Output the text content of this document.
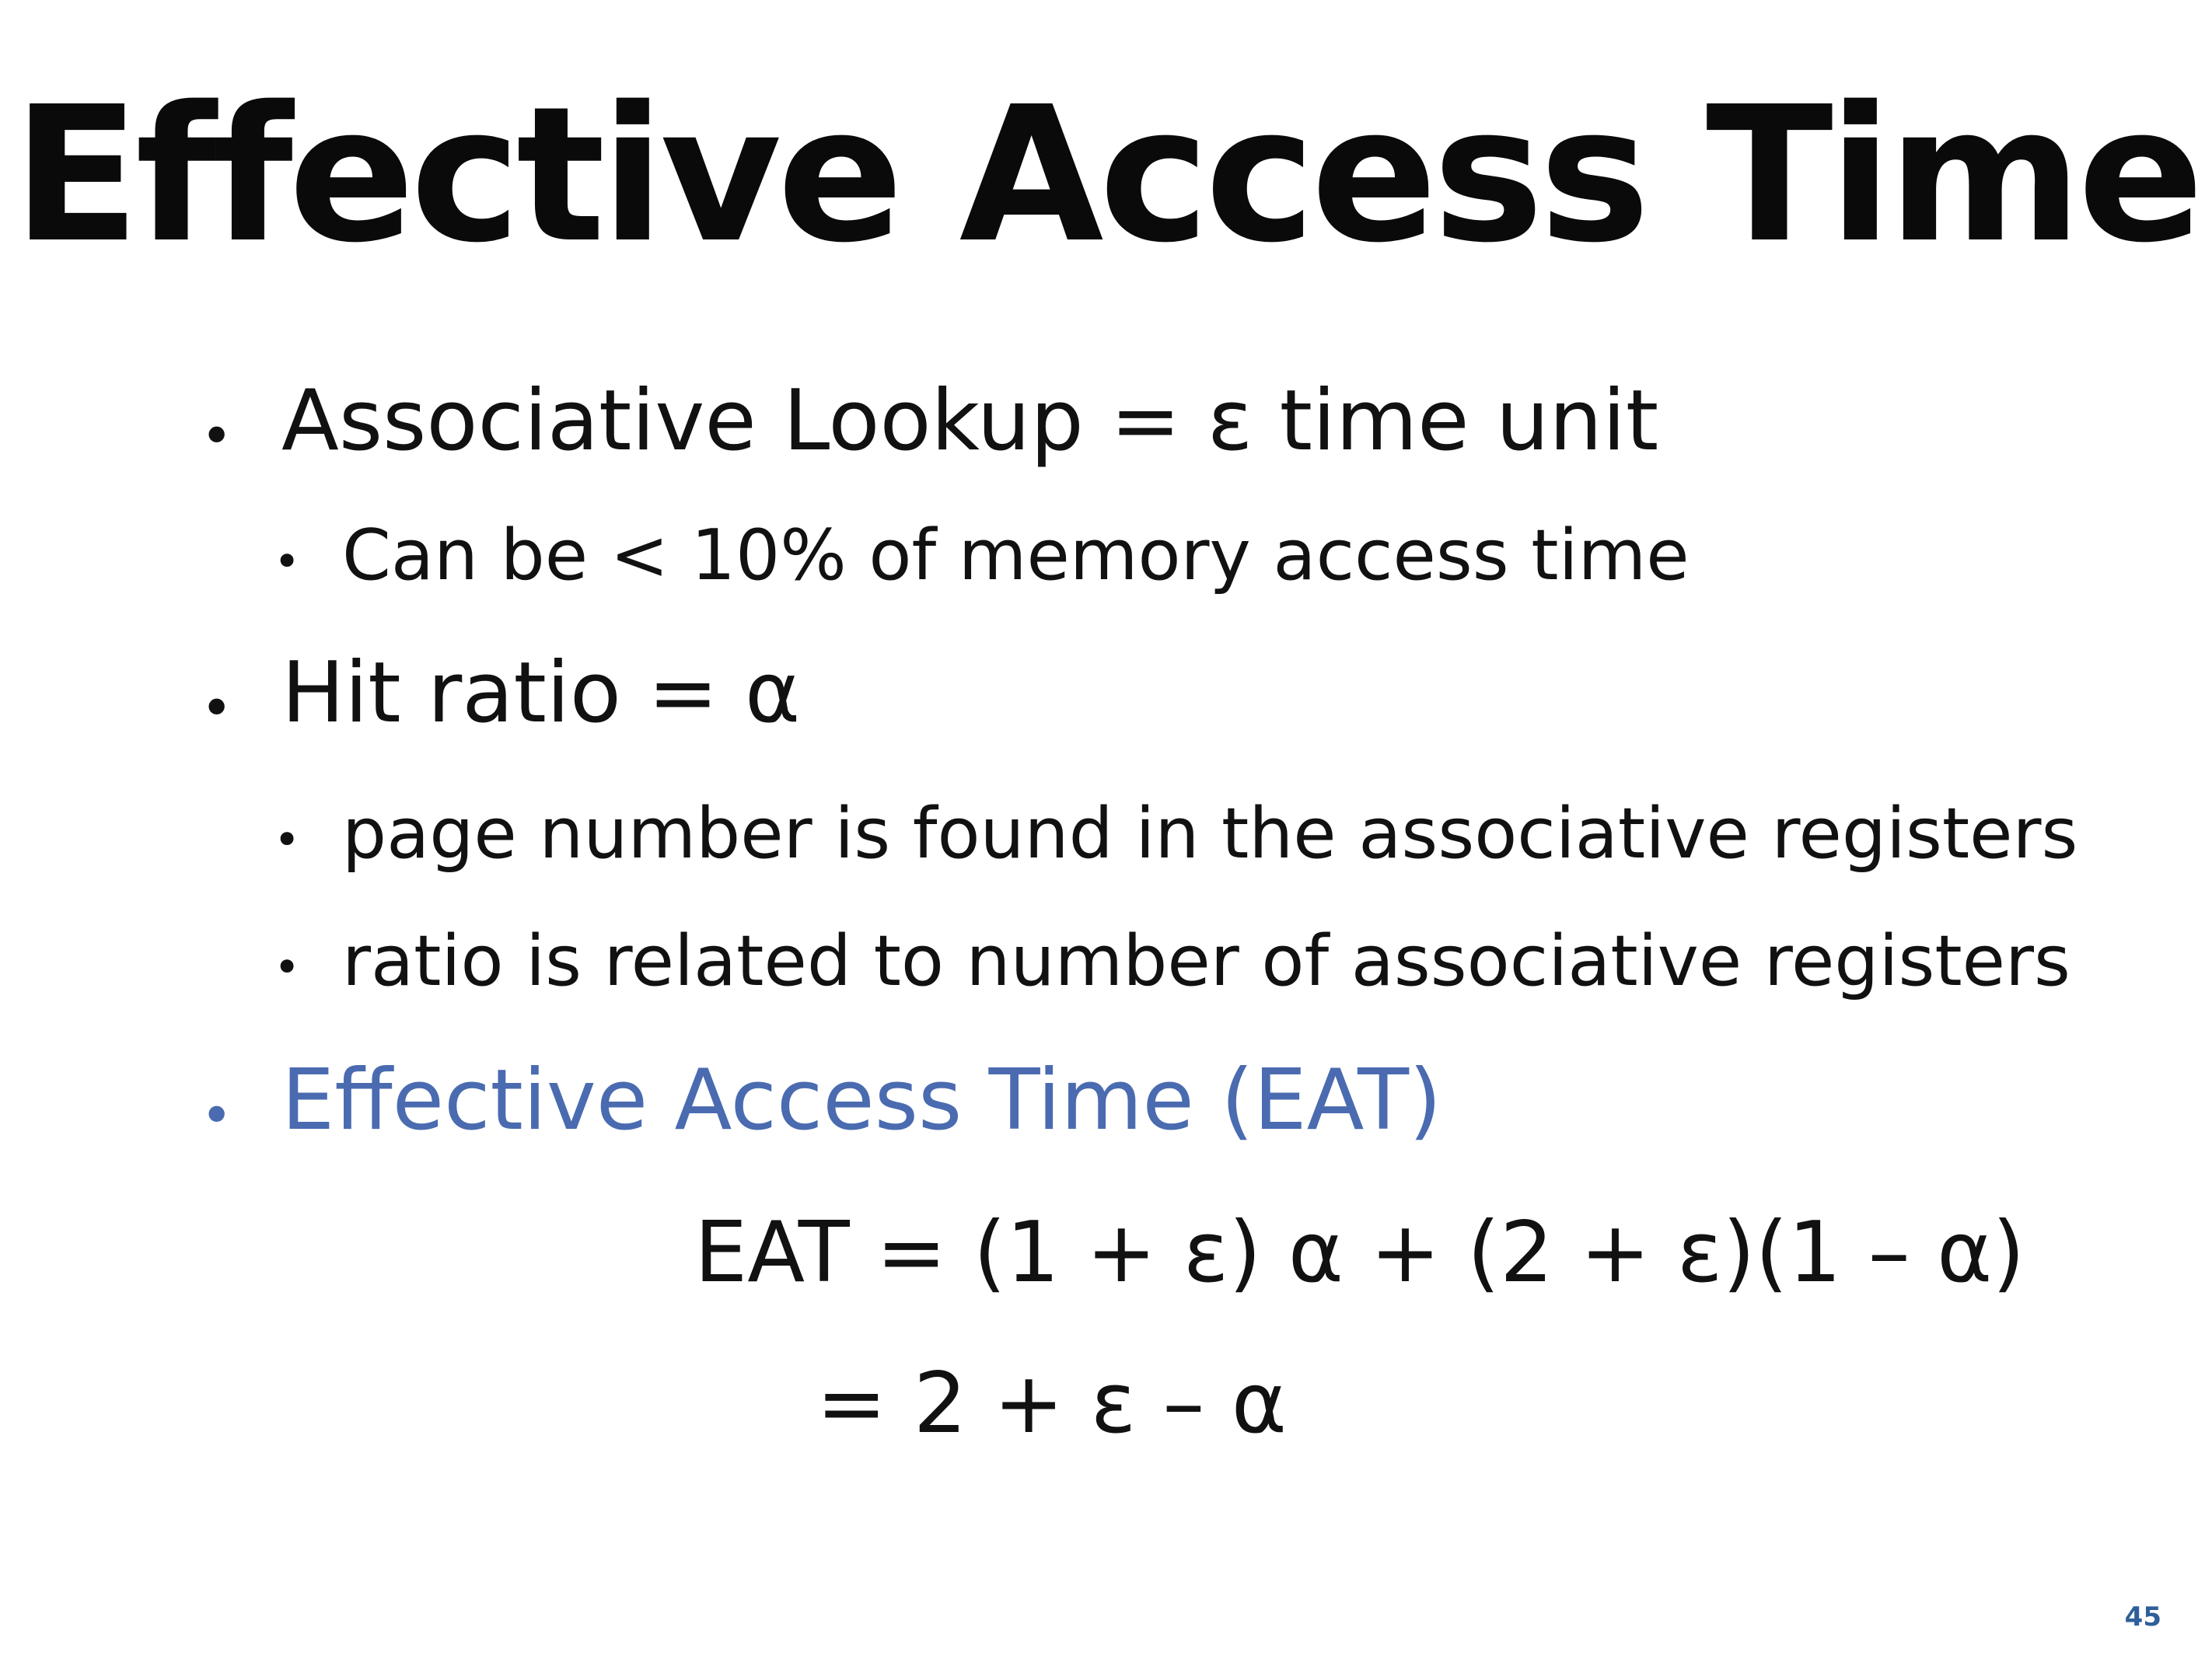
Effective Access Time
• Associative Lookup = ε time unit
• Can be < 10% of memory access time
• Hit ratio = α
• page number is found in the associative registers
• ratio is related to number of associative registers
• Effective Access Time (EAT)
EAT = (1 + ε) α + (2 + ε)(1 – α)
= 2 + ε – α
45
